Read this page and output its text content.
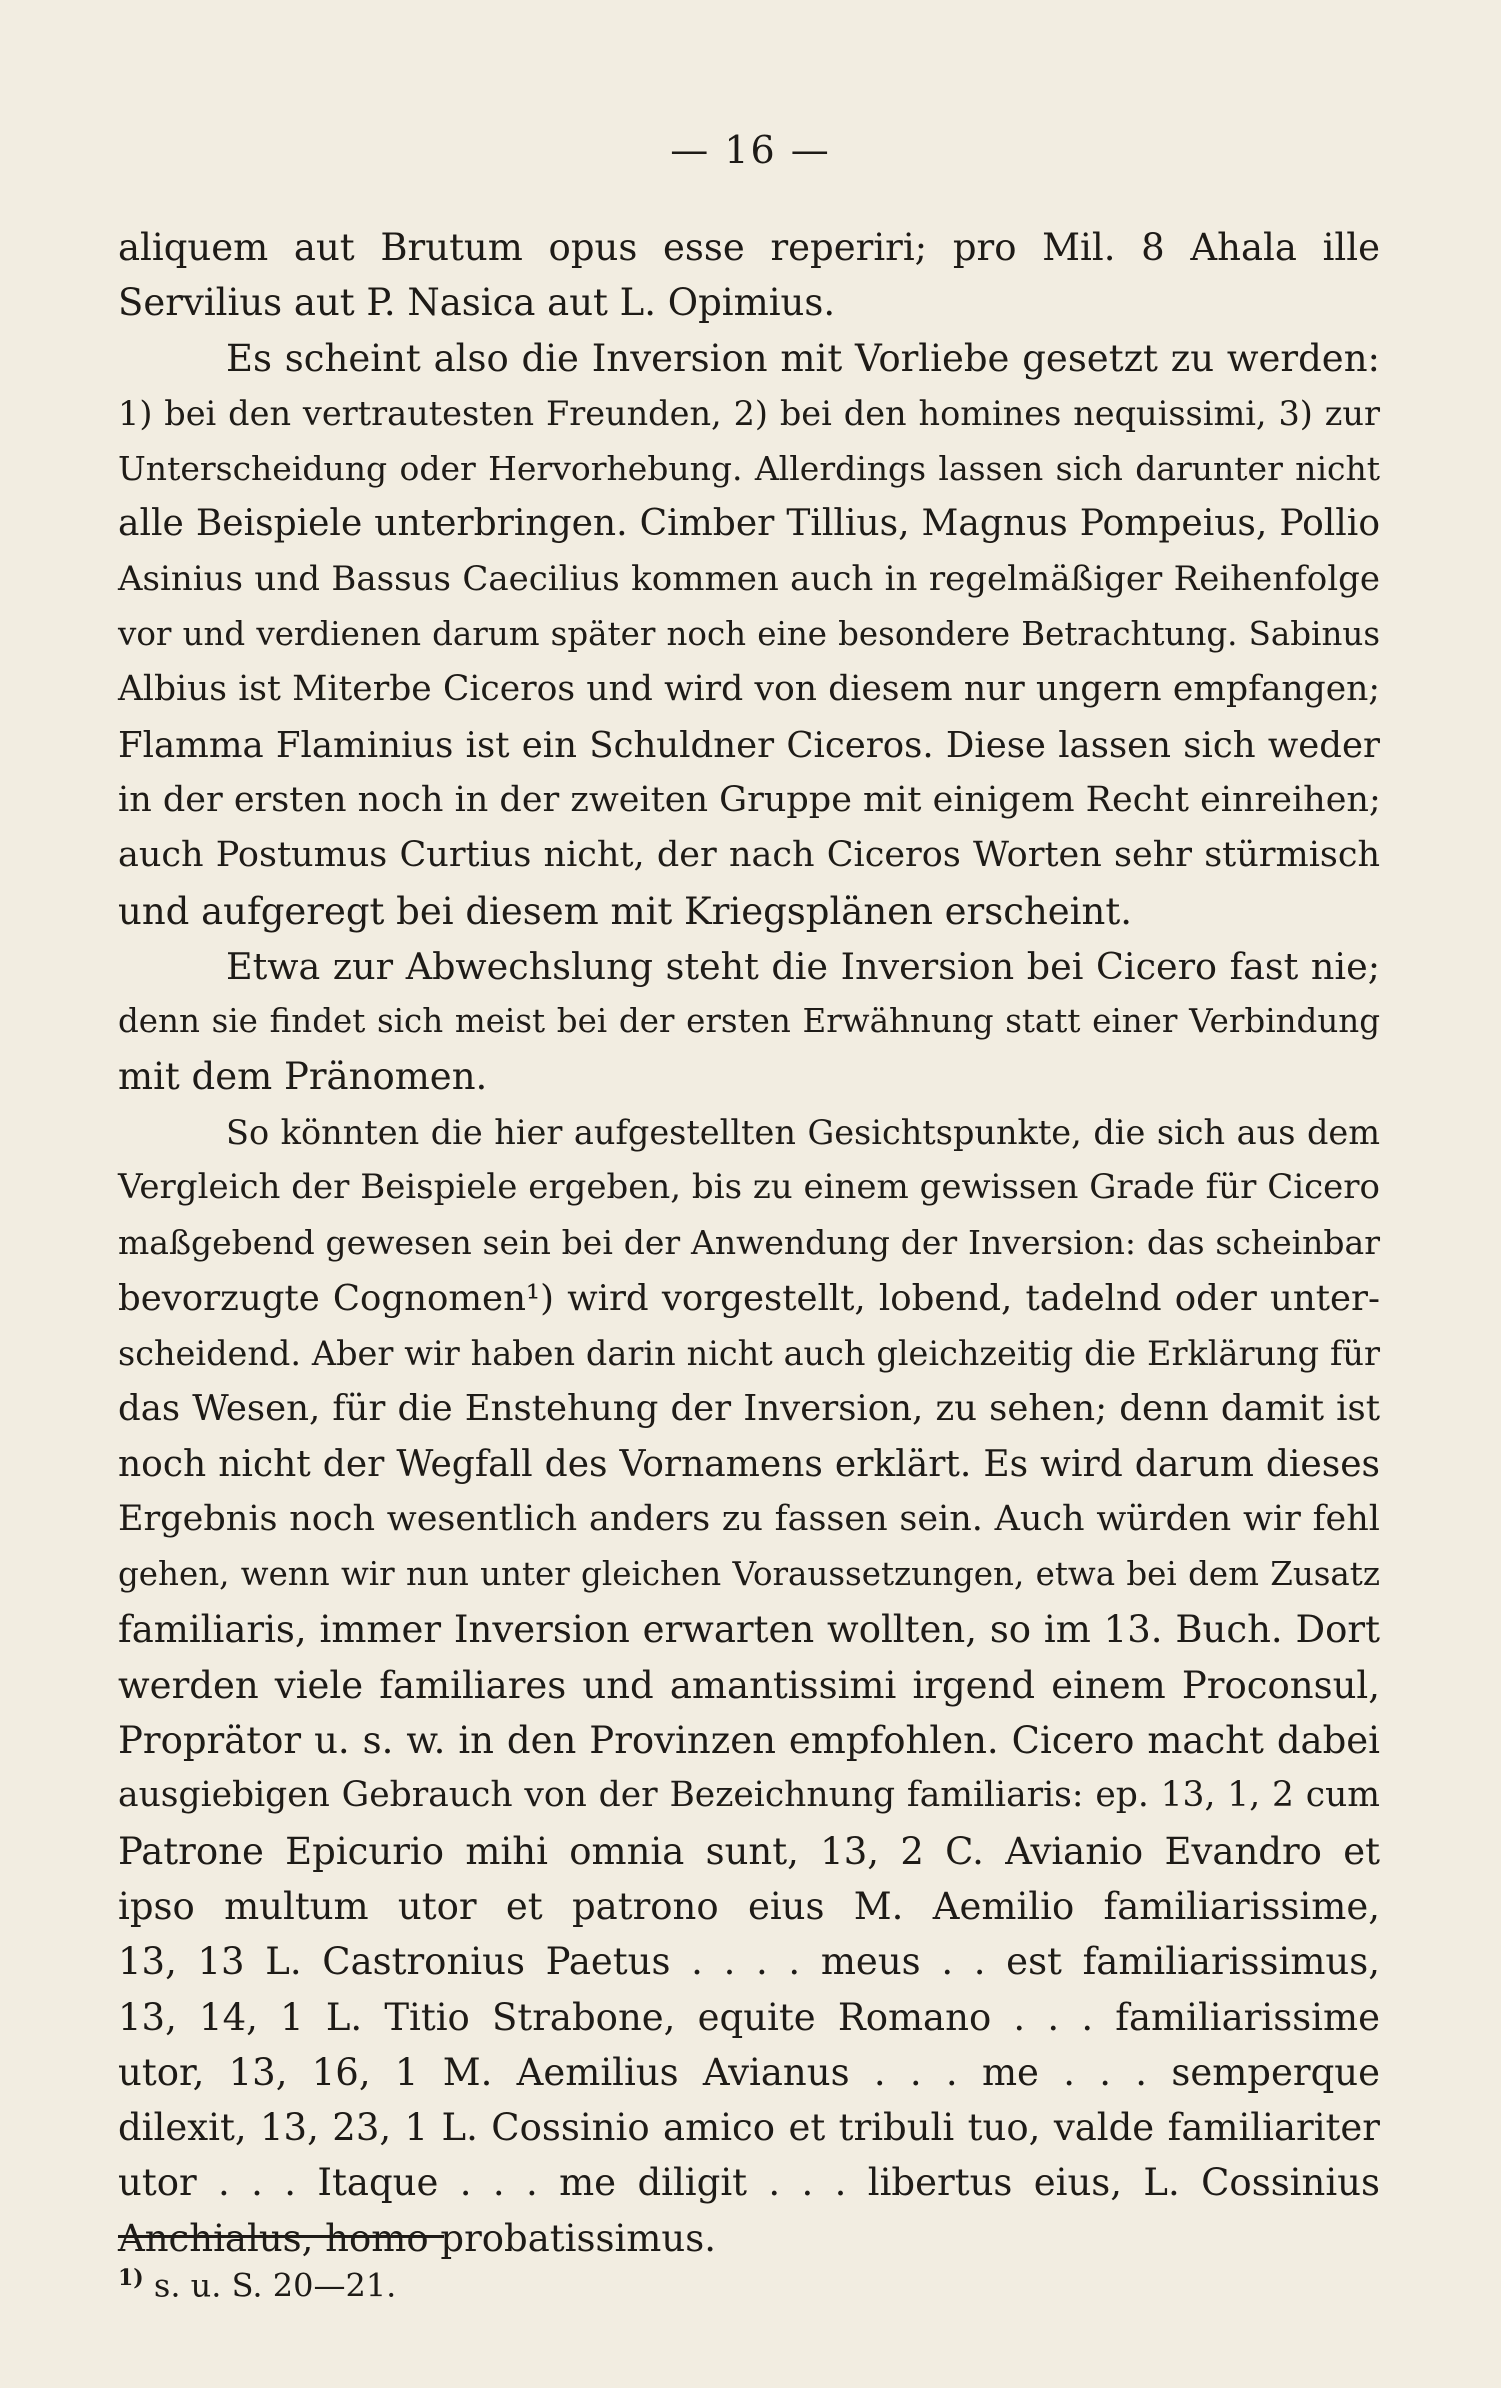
— 16 —
aliquem aut Brutum opus esse reperiri; pro Mil. 8 Ahala ille
Servilius aut P. Nasica aut L. Opimius.
Es scheint also die Inversion mit Vorliebe gesetzt zu werden:
1) bei den vertrautesten Freunden, 2) bei den homines nequissimi, 3) zur
Unterscheidung oder Hervorhebung. Allerdings lassen sich darunter nicht
alle Beispiele unterbringen. Cimber Tillius, Magnus Pompeius, Pollio
Asinius und Bassus Caecilius kommen auch in regelmäßiger Reihenfolge
vor und verdienen darum später noch eine besondere Betrachtung. Sabinus
Albius ist Miterbe Ciceros und wird von diesem nur ungern empfangen;
Flamma Flaminius ist ein Schuldner Ciceros. Diese lassen sich weder
in der ersten noch in der zweiten Gruppe mit einigem Recht einreihen;
auch Postumus Curtius nicht, der nach Ciceros Worten sehr stürmisch
und aufgeregt bei diesem mit Kriegsplänen erscheint.
Etwa zur Abwechslung steht die Inversion bei Cicero fast nie;
denn sie findet sich meist bei der ersten Erwähnung statt einer Verbindung
mit dem Pränomen.
So könnten die hier aufgestellten Gesichtspunkte, die sich aus dem
Vergleich der Beispiele ergeben, bis zu einem gewissen Grade für Cicero
maßgebend gewesen sein bei der Anwendung der Inversion: das scheinbar
bevorzugte Cognomen¹) wird vorgestellt, lobend, tadelnd oder unter-
scheidend. Aber wir haben darin nicht auch gleichzeitig die Erklärung für
das Wesen, für die Enstehung der Inversion, zu sehen; denn damit ist
noch nicht der Wegfall des Vornamens erklärt. Es wird darum dieses
Ergebnis noch wesentlich anders zu fassen sein. Auch würden wir fehl
gehen, wenn wir nun unter gleichen Voraussetzungen, etwa bei dem Zusatz
familiaris, immer Inversion erwarten wollten, so im 13. Buch. Dort
werden viele familiares und amantissimi irgend einem Proconsul,
Proprätor u. s. w. in den Provinzen empfohlen. Cicero macht dabei
ausgiebigen Gebrauch von der Bezeichnung familiaris: ep. 13, 1, 2 cum
Patrone Epicurio mihi omnia sunt, 13, 2 C. Avianio Evandro et
ipso multum utor et patrono eius M. Aemilio familiarissime,
13, 13 L. Castronius Paetus . . . . meus . . est familiarissimus,
13, 14, 1 L. Titio Strabone, equite Romano . . . familiarissime
utor, 13, 16, 1 M. Aemilius Avianus . . . me . . . semperque
dilexit, 13, 23, 1 L. Cossinio amico et tribuli tuo, valde familiariter
utor . . . Itaque . . . me diligit . . . libertus eius, L. Cossinius
Anchialus, homo probatissimus.
$^{1)}$ s. u. S. 20—21.
